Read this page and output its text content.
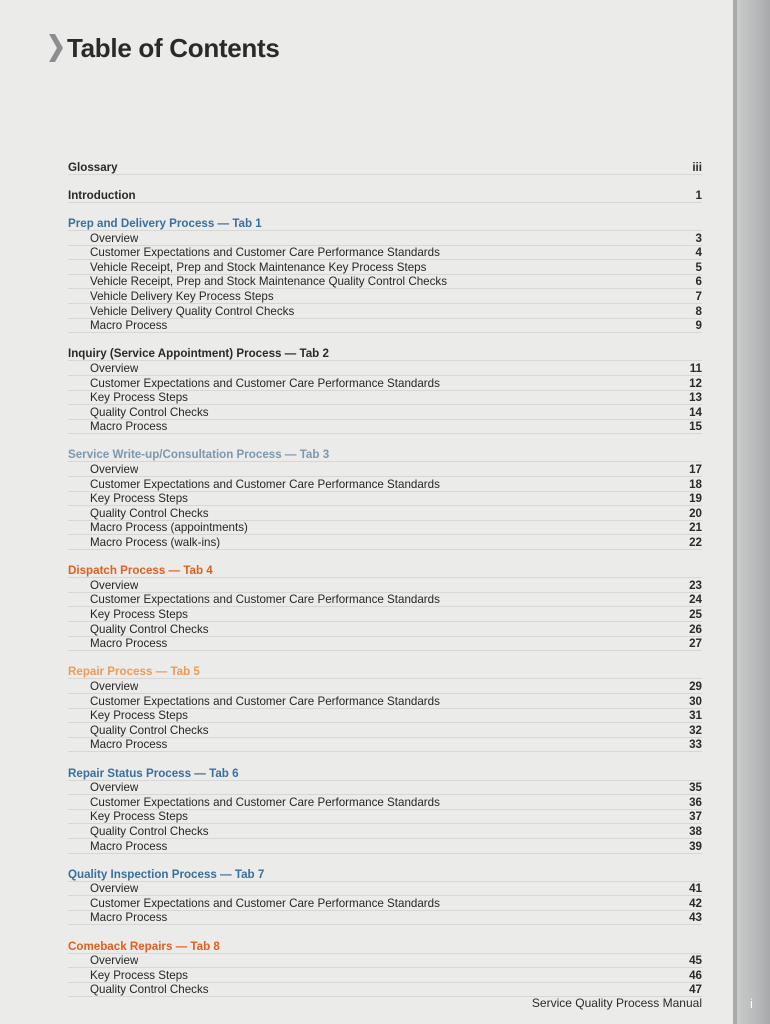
i
Table of Contents
Glossary	iii
Introduction	1
Prep and Delivery Process — Tab 1
Overview	3
Customer Expectations and Customer Care Performance Standards	4
Vehicle Receipt, Prep and Stock Maintenance Key Process Steps	5
Vehicle Receipt, Prep and Stock Maintenance Quality Control Checks	6
Vehicle Delivery Key Process Steps	7
Vehicle Delivery Quality Control Checks	8
Macro Process	9
Inquiry (Service Appointment) Process — Tab 2
Overview	11
Customer Expectations and Customer Care Performance Standards	12
Key Process Steps	13
Quality Control Checks	14
Macro Process	15
Service Write-up/Consultation Process — Tab 3
Overview	17
Customer Expectations and Customer Care Performance Standards	18
Key Process Steps	19
Quality Control Checks	20
Macro Process (appointments)	21
Macro Process (walk-ins)	22
Dispatch Process — Tab 4
Overview	23
Customer Expectations and Customer Care Performance Standards	24
Key Process Steps	25
Quality Control Checks	26
Macro Process	27
Repair Process — Tab 5
Overview	29
Customer Expectations and Customer Care Performance Standards	30
Key Process Steps	31
Quality Control Checks	32
Macro Process	33
Repair Status Process — Tab 6
Overview	35
Customer Expectations and Customer Care Performance Standards	36
Key Process Steps	37
Quality Control Checks	38
Macro Process	39
Quality Inspection Process — Tab 7
Overview	41
Customer Expectations and Customer Care Performance Standards	42
Macro Process	43
Comeback Repairs — Tab 8
Overview	45
Key Process Steps	46
Quality Control Checks	47
Service Quality Process Manual
